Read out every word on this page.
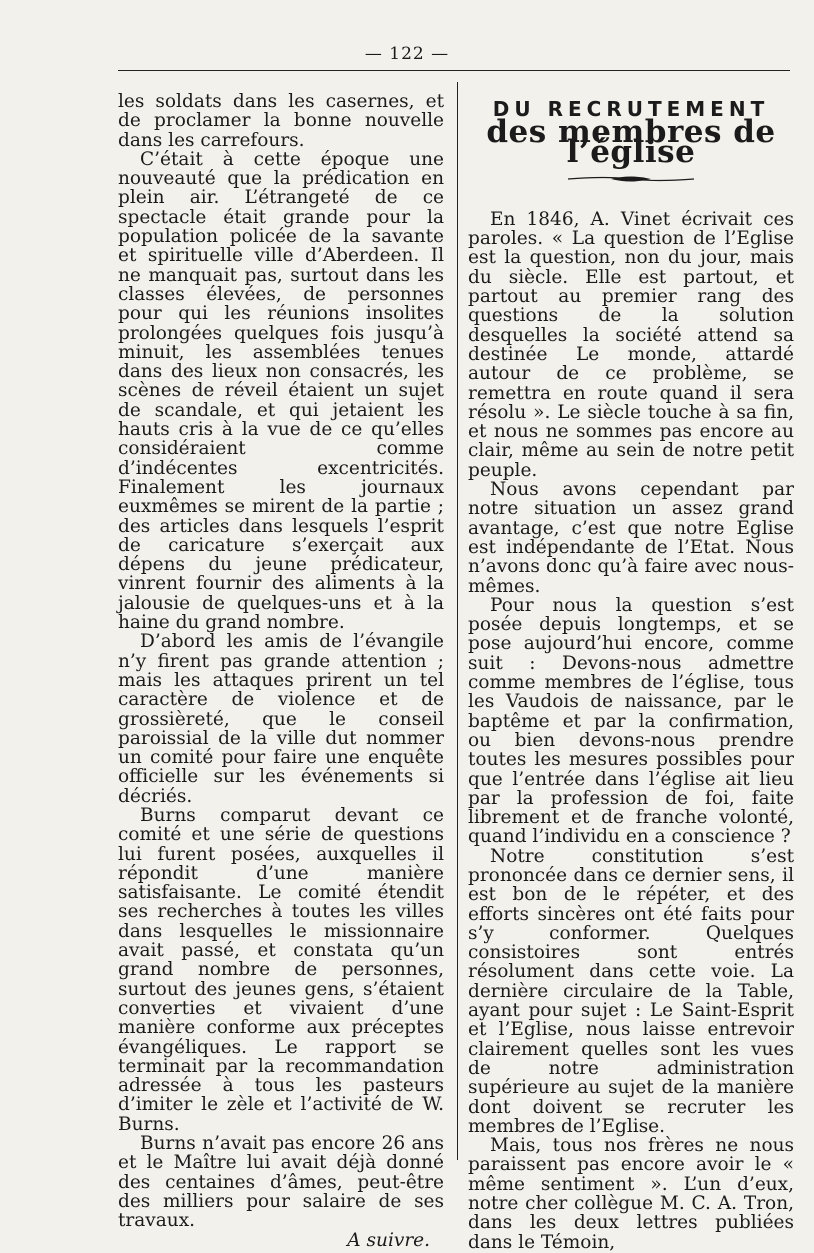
— 122 —

les soldats dans les casernes, et de proclamer la bonne nouvelle dans les carrefours.

C’était à cette époque une nouveauté que la prédication en plein air. L’étrangeté de ce spectacle était grande pour la population policée de la savante et spirituelle ville d’Aberdeen. Il ne manquait pas, surtout dans les classes élevées, de personnes pour qui les réunions insolites prolongées quelques fois jusqu’à minuit, les assemblées tenues dans des lieux non consacrés, les scènes de réveil étaient un sujet de scandale, et qui jetaient les hauts cris à la vue de ce qu’elles considéraient comme d’indécentes excentricités. Finalement les journaux euxmêmes se mirent de la partie ; des articles dans lesquels l’esprit de caricature s’exerçait aux dépens du jeune prédicateur, vinrent fournir des aliments à la jalousie de quelques-uns et à la haine du grand nombre.

D’abord les amis de l’évangile n’y firent pas grande attention ; mais les attaques prirent un tel caractère de violence et de grossièreté, que le conseil paroissial de la ville dut nommer un comité pour faire une enquête officielle sur les événements si décriés.

Burns comparut devant ce comité et une série de questions lui furent posées, auxquelles il répondit d’une manière satisfaisante. Le comité étendit ses recherches à toutes les villes dans lesquelles le missionnaire avait passé, et constata qu’un grand nombre de personnes, surtout des jeunes gens, s’étaient converties et vivaient d’une manière conforme aux préceptes évangéliques. Le rapport se terminait par la recommandation adressée à tous les pasteurs d’imiter le zèle et l’activité de W. Burns.

Burns n’avait pas encore 26 ans et le Maître lui avait déjà donné des centaines d’âmes, peut-être des milliers pour salaire de ses travaux.

A suivre.

DU RECRUTEMENT
des membres de l’église

En 1846, A. Vinet écrivait ces paroles. « La question de l’Eglise est la question, non du jour, mais du siècle. Elle est partout, et partout au premier rang des questions de la solution desquelles la société attend sa destinée Le monde, attardé autour de ce problème, se remettra en route quand il sera résolu ». Le siècle touche à sa fin, et nous ne sommes pas encore au clair, même au sein de notre petit peuple.

Nous avons cependant par notre situation un assez grand avantage, c’est que notre Eglise est indépendante de l’Etat. Nous n’avons donc qu’à faire avec nous-mêmes.

Pour nous la question s’est posée depuis longtemps, et se pose aujourd’hui encore, comme suit : Devons-nous admettre comme membres de l’église, tous les Vaudois de naissance, par le baptême et par la confirmation, ou bien devons-nous prendre toutes les mesures possibles pour que l’entrée dans l’église ait lieu par la profession de foi, faite librement et de franche volonté, quand l’individu en a conscience ?

Notre constitution s’est prononcée dans ce dernier sens, il est bon de le répéter, et des efforts sincères ont été faits pour s’y conformer. Quelques consistoires sont entrés résolument dans cette voie. La dernière circulaire de la Table, ayant pour sujet : Le Saint-Esprit et l’Eglise, nous laisse entrevoir clairement quelles sont les vues de notre administration supérieure au sujet de la manière dont doivent se recruter les membres de l’Eglise.

Mais, tous nos frères ne nous paraissent pas encore avoir le « même sentiment ». L’un d’eux, notre cher collègue M. C. A. Tron, dans les deux lettres publiées dans le Témoin,
